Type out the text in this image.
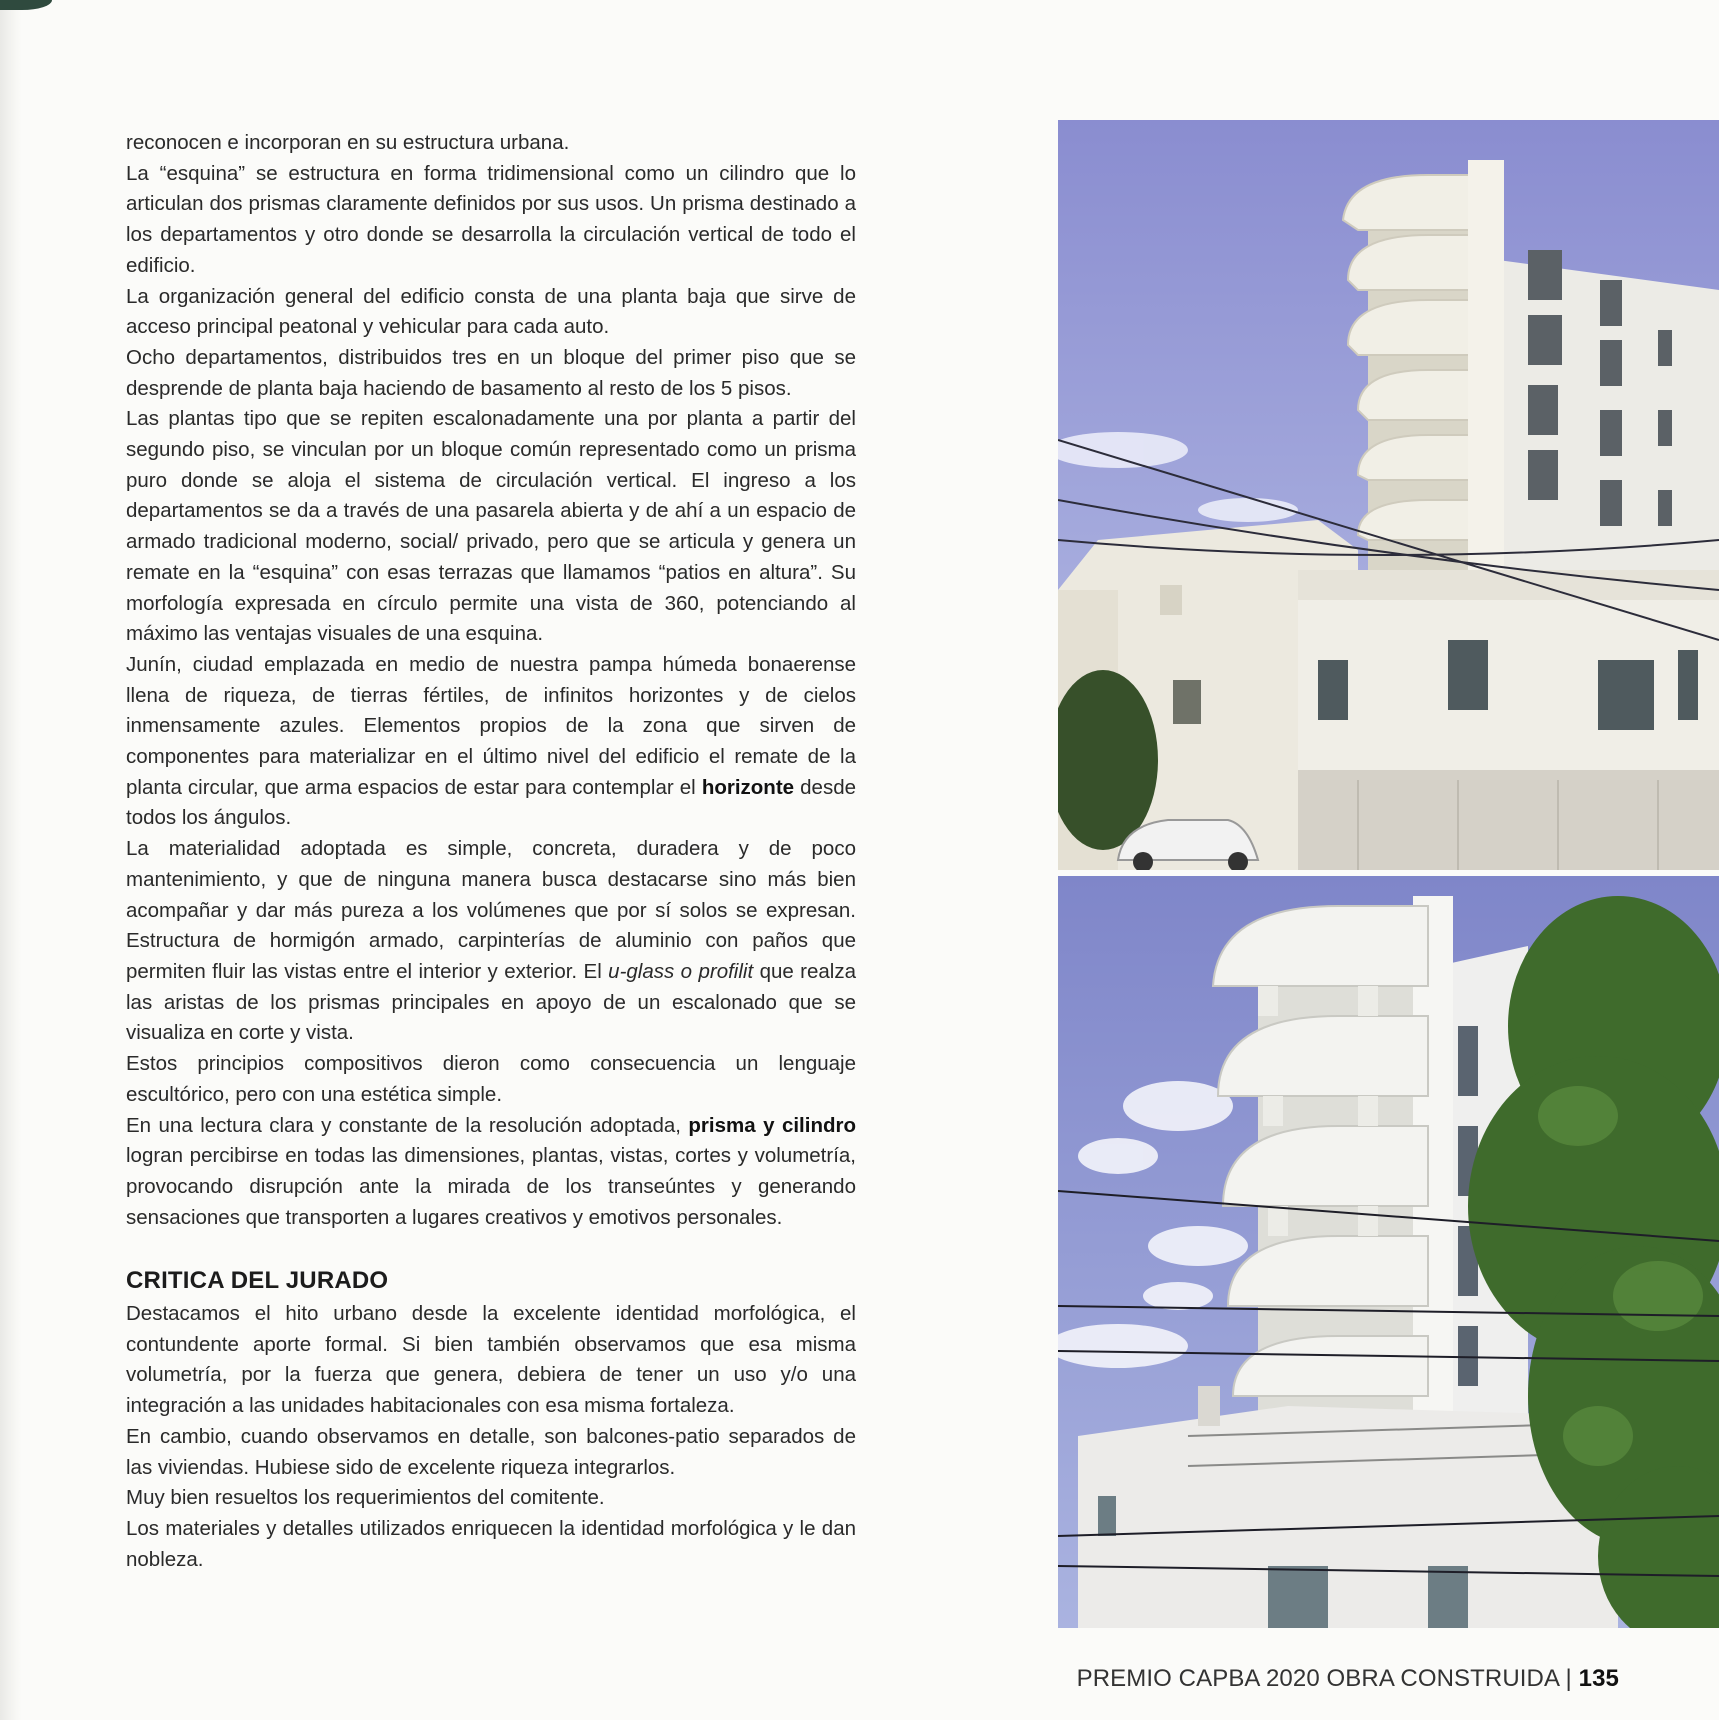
reconocen e incorporan en su estructura urbana.

La “esquina” se estructura en forma tridimensional como un cilindro que lo articulan dos prismas claramente definidos por sus usos. Un prisma destinado a los departamentos y otro donde se desarrolla la circulación vertical de todo el edificio.

La organización general del edificio consta de una planta baja que sirve de acceso principal peatonal y vehicular para cada auto.

Ocho departamentos, distribuidos tres en un bloque del primer piso que se desprende de planta baja haciendo de basamento al resto de los 5 pisos.

Las plantas tipo que se repiten escalonadamente una por planta a partir del segundo piso, se vinculan por un bloque común representado como un prisma puro donde se aloja el sistema de circulación vertical. El ingreso a los departamentos se da a través de una pasarela abierta y de ahí a un espacio de armado tradicional moderno, social/ privado, pero que se articula y genera un remate en la “esquina” con esas terrazas que llamamos “patios en altura”. Su morfología expresada en círculo permite una vista de 360, potenciando al máximo las ventajas visuales de una esquina.

Junín, ciudad emplazada en medio de nuestra pampa húmeda bonaerense llena de riqueza, de tierras fértiles, de infinitos horizontes y de cielos inmensamente azules. Elementos propios de la zona que sirven de componentes para materializar en el último nivel del edificio el remate de la planta circular, que arma espacios de estar para contemplar el horizonte desde todos los ángulos.

La materialidad adoptada es simple, concreta, duradera y de poco mantenimiento, y que de ninguna manera busca destacarse sino más bien acompañar y dar más pureza a los volúmenes que por sí solos se expresan. Estructura de hormigón armado, carpinterías de aluminio con paños que permiten fluir las vistas entre el interior y exterior. El u-glass o profilit que realza las aristas de los prismas principales en apoyo de un escalonado que se visualiza en corte y vista.

Estos principios compositivos dieron como consecuencia un lenguaje escultórico, pero con una estética simple.

En una lectura clara y constante de la resolución adoptada, prisma y cilindro logran percibirse en todas las dimensiones, plantas, vistas, cortes y volumetría, provocando disrupción ante la mirada de los transeúntes y generando sensaciones que transporten a lugares creativos y emotivos personales.

CRITICA DEL JURADO

Destacamos el hito urbano desde la excelente identidad morfológica, el contundente aporte formal. Si bien también observamos que esa misma volumetría, por la fuerza que genera, debiera de tener un uso y/o una integración a las unidades habitacionales con esa misma fortaleza.

En cambio, cuando observamos en detalle, son balcones-patio separados de las viviendas. Hubiese sido de excelente riqueza integrarlos.

Muy bien resueltos los requerimientos del comitente.

Los materiales y detalles utilizados enriquecen la identidad morfológica y le dan nobleza.

PREMIO CAPBA 2020 OBRA CONSTRUIDA | 135
